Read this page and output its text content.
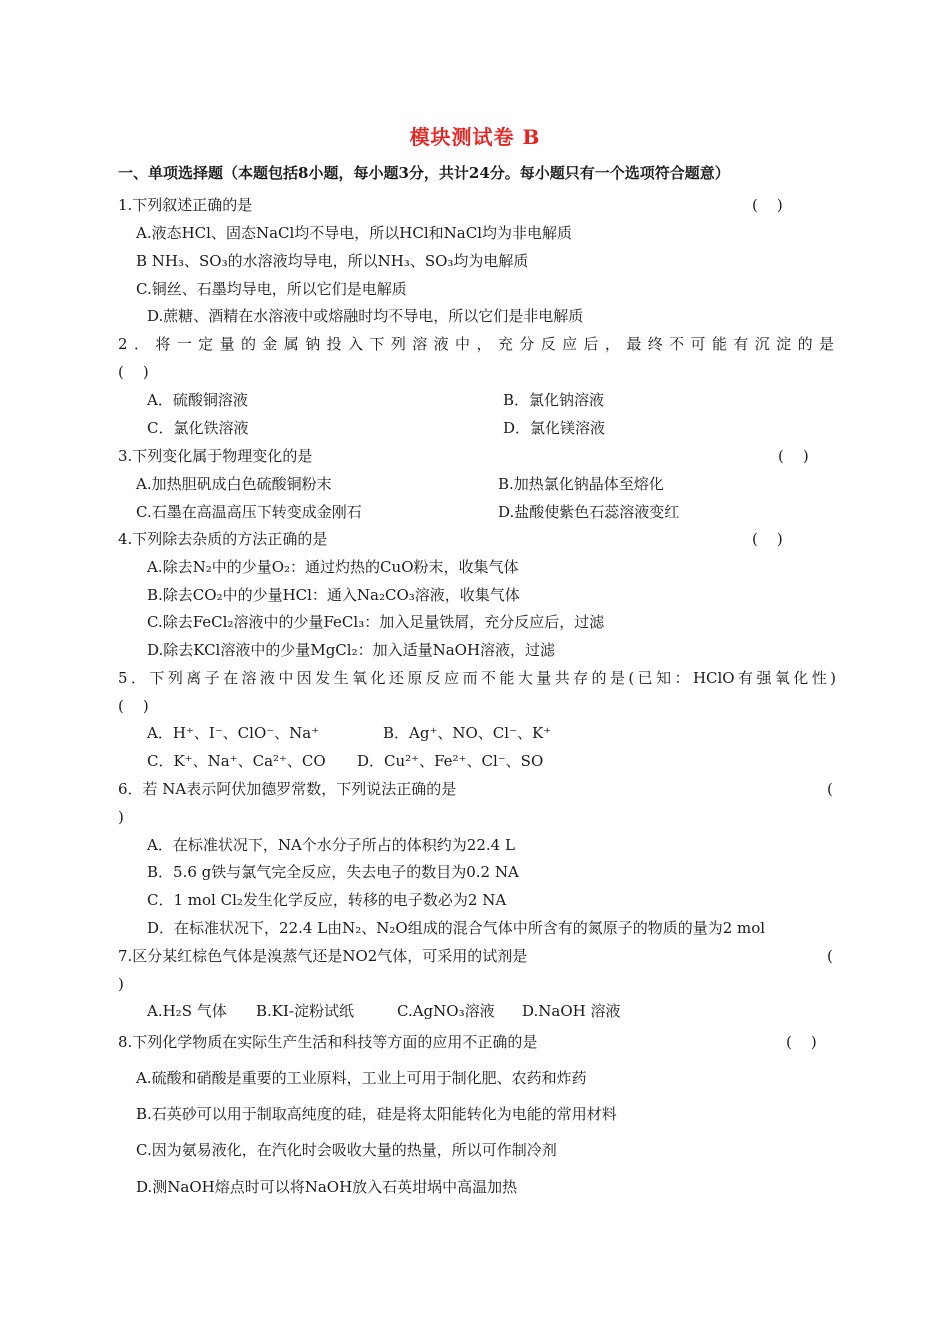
模块测试卷 B
一、单项选择题（本题包括8小题，每小题3分，共计24分。每小题只有一个选项符合题意）
1.下列叙述正确的是	(    )
A.液态HCl、固态NaCl均不导电，所以HCl和NaCl均为非电解质
B NH₃、SO₃的水溶液均导电，所以NH₃、SO₃均为电解质
C.铜丝、石墨均导电，所以它们是电解质
D.蔗糖、酒精在水溶液中或熔融时均不导电，所以它们是非电解质
2．将一定量的金属钠投入下列溶液中，充分反应后，最终不可能有沉淀的是
(    )
A．硫酸铜溶液	B．氯化钠溶液
C．氯化铁溶液	D．氯化镁溶液
3.下列变化属于物理变化的是	(    )
A.加热胆矾成白色硫酸铜粉末	B.加热氯化钠晶体至熔化
C.石墨在高温高压下转变成金刚石	D.盐酸使紫色石蕊溶液变红
4.下列除去杂质的方法正确的是	(    )
A.除去N₂中的少量O₂：通过灼热的CuO粉末，收集气体
B.除去CO₂中的少量HCl：通入Na₂CO₃溶液，收集气体
C.除去FeCl₂溶液中的少量FeCl₃：加入足量铁屑，充分反应后，过滤
D.除去KCl溶液中的少量MgCl₂：加入适量NaOH溶液，过滤
5．下列离子在溶液中因发生氧化还原反应而不能大量共存的是(已知：HClO有强氧化性)
(    )
A．H⁺、I⁻、ClO⁻、Na⁺	B．Ag⁺、NO、Cl⁻、K⁺
C．K⁺、Na⁺、Ca²⁺、CO D．Cu²⁺、Fe²⁺、Cl⁻、SO
6．若 NA表示阿伏加德罗常数，下列说法正确的是	(
)
A．在标准状况下，NA个水分子所占的体积约为22.4 L
B．5.6 g铁与氯气完全反应，失去电子的数目为0.2 NA
C．1 mol Cl₂发生化学反应，转移的电子数必为2 NA
D．在标准状况下，22.4 L由N₂、N₂O组成的混合气体中所含有的氮原子的物质的量为2 mol
7.区分某红棕色气体是溴蒸气还是NO2气体，可采用的试剂是	(
)
A.H₂S 气体 B.KI-淀粉试纸	C.AgNO₃溶液 D.NaOH 溶液
8.下列化学物质在实际生产生活和科技等方面的应用不正确的是	(    )
A.硫酸和硝酸是重要的工业原料，工业上可用于制化肥、农药和炸药
B.石英砂可以用于制取高纯度的硅，硅是将太阳能转化为电能的常用材料
C.因为氨易液化，在汽化时会吸收大量的热量，所以可作制冷剂
D.测NaOH熔点时可以将NaOH放入石英坩埚中高温加热
